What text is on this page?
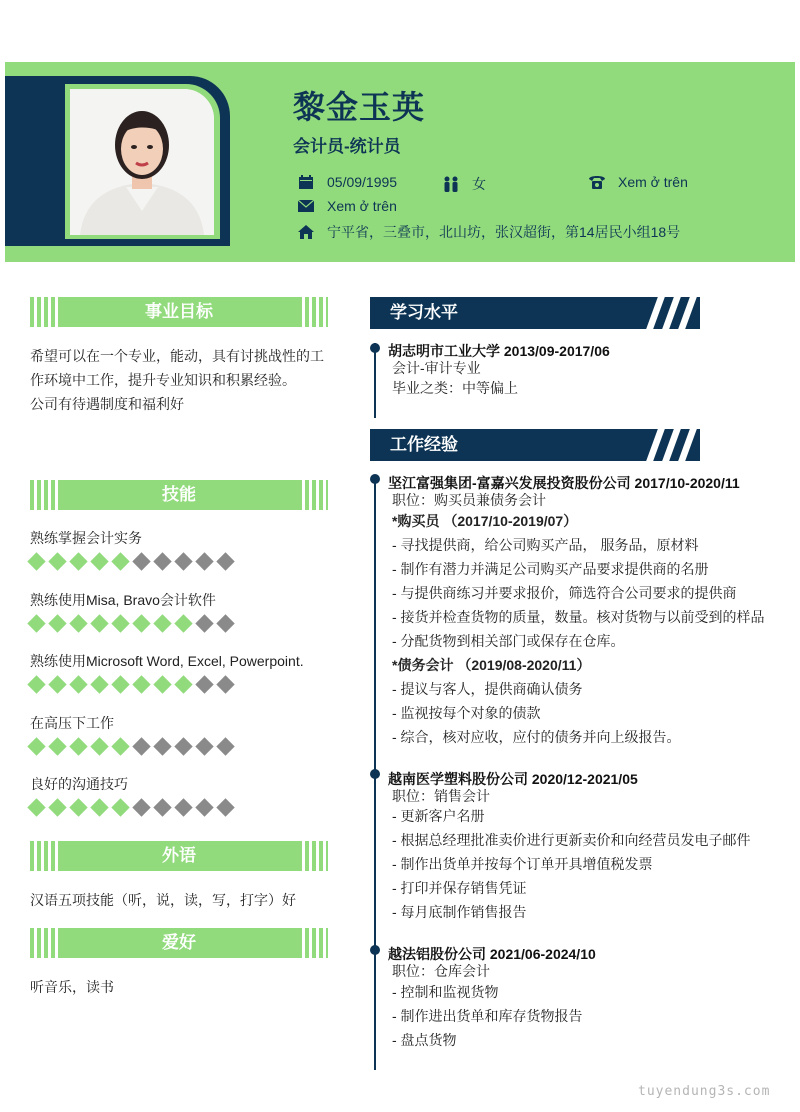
黎金玉英
会计员-统计员
05/09/1995	女	Xem ở trên
Xem ở trên
宁平省，三叠市，北山坊，张汉超街，第14居民小组18号
事业目标
希望可以在一个专业，能动，具有讨挑战性的工
作环境中工作，提升专业知识和积累经验。
公司有待遇制度和福利好
技能
熟练掌握会计实务
熟练使用Misa, Bravo会计软件
熟练使用Microsoft Word, Excel, Powerpoint.
在高压下工作
良好的沟通技巧
外语
汉语五项技能（听，说，读，写，打字）好
爱好
听音乐，读书
学习水平
胡志明市工业大学 2013/09-2017/06
会计-审计专业
毕业之类：中等偏上
工作经验
坚江富强集团-富嘉兴发展投资股份公司 2017/10-2020/11
职位：购买员兼债务会计
*购买员 （2017/10-2019/07）
- 寻找提供商，给公司购买产品， 服务品，原材料
- 制作有潜力并满足公司购买产品要求提供商的名册
- 与提供商练习并要求报价，筛选符合公司要求的提供商
- 接货并检查货物的质量，数量。核对货物与以前受到的样品
- 分配货物到相关部门或保存在仓库。
*债务会计 （2019/08-2020/11）
- 提议与客人，提供商确认债务
- 监视按每个对象的债款
- 综合，核对应收，应付的债务并向上级报告。
越南医学塑料股份公司 2020/12-2021/05
职位：销售会计
- 更新客户名册
- 根据总经理批准卖价进行更新卖价和向经营员发电子邮件
- 制作出货单并按每个订单开具增值税发票
- 打印并保存销售凭证
- 每月底制作销售报告
越法铝股份公司 2021/06-2024/10
职位：仓库会计
- 控制和监视货物
- 制作进出货单和库存货物报告
- 盘点货物
tuyendung3s.com
